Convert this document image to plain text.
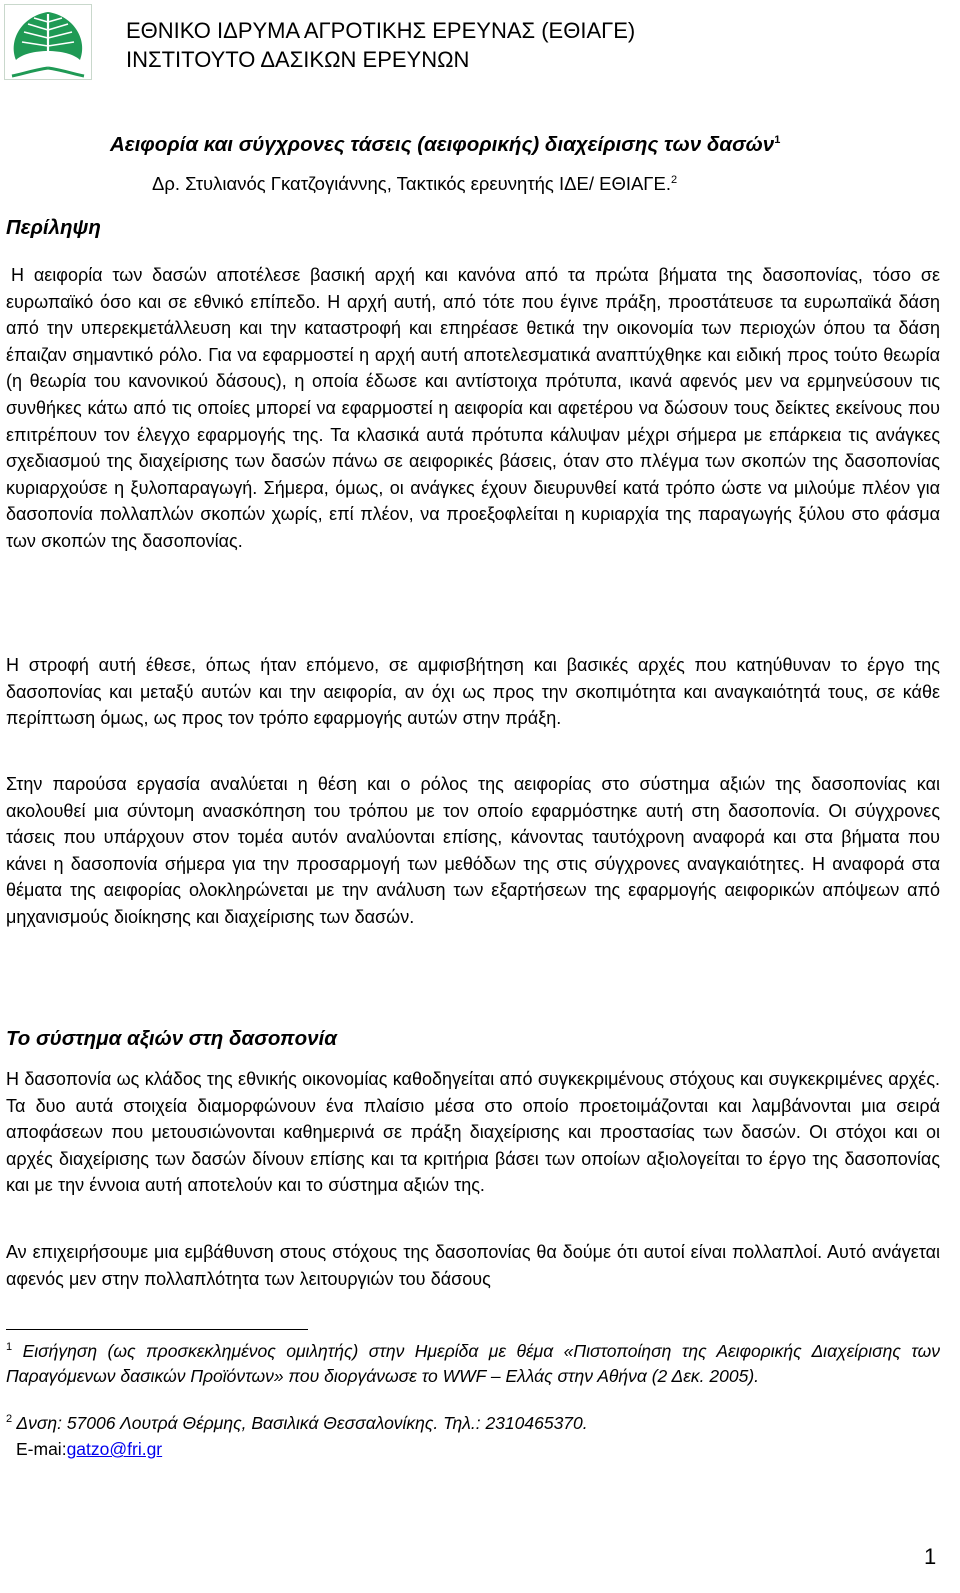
ΕΘΝΙΚΟ ΙΔΡΥΜΑ ΑΓΡΟΤΙΚΗΣ ΕΡΕΥΝΑΣ (ΕΘΙΑΓΕ)
ΙΝΣΤΙΤΟΥΤΟ ΔΑΣΙΚΩΝ ΕΡΕΥΝΩΝ
Αειφορία και σύγχρονες τάσεις (αειφορικής) διαχείρισης των δασών$^1$
Δρ. Στυλιανός Γκατζογιάννης, Τακτικός ερευνητής ΙΔΕ/ ΕΘΙΑΓΕ.$^2$
Περίληψη

Η αειφορία των δασών αποτέλεσε βασική αρχή και κανόνα από τα πρώτα βήματα της δασοπονίας, τόσο σε ευρωπαϊκό όσο και σε εθνικό επίπεδο. Η αρχή αυτή, από τότε που έγινε πράξη, προστάτευσε τα ευρωπαϊκά δάση από την υπερεκμετάλλευση και την καταστροφή και επηρέασε θετικά την οικονομία των περιοχών όπου τα δάση έπαιζαν σημαντικό ρόλο. Για να εφαρμοστεί η αρχή αυτή αποτελεσματικά αναπτύχθηκε και ειδική προς τούτο θεωρία (η θεωρία του κανονικού δάσους), η οποία έδωσε και αντίστοιχα πρότυπα, ικανά αφενός μεν να ερμηνεύσουν τις συνθήκες κάτω από τις οποίες μπορεί να εφαρμοστεί η αειφορία και αφετέρου να δώσουν τους δείκτες εκείνους που επιτρέπουν τον έλεγχο εφαρμογής της. Τα κλασικά αυτά πρότυπα κάλυψαν μέχρι σήμερα με επάρκεια τις ανάγκες σχεδιασμού της διαχείρισης των δασών πάνω σε αειφορικές βάσεις, όταν στο πλέγμα των σκοπών της δασοπονίας κυριαρχούσε η ξυλοπαραγωγή. Σήμερα, όμως, οι ανάγκες έχουν διευρυνθεί κατά τρόπο ώστε να μιλούμε πλέον για δασοπονία πολλαπλών σκοπών χωρίς, επί πλέον, να προεξοφλείται η κυριαρχία της παραγωγής ξύλου στο φάσμα των σκοπών της δασοπονίας.

Η στροφή αυτή έθεσε, όπως ήταν επόμενο, σε αμφισβήτηση και βασικές αρχές που κατηύθυναν το έργο της δασοπονίας και μεταξύ αυτών και την αειφορία, αν όχι ως προς την σκοπιμότητα και αναγκαιότητά τους, σε κάθε περίπτωση όμως, ως προς τον τρόπο εφαρμογής αυτών στην πράξη.

Στην παρούσα εργασία αναλύεται η θέση και ο ρόλος της αειφορίας στο σύστημα αξιών της δασοπονίας και ακολουθεί μια σύντομη ανασκόπηση του τρόπου με τον οποίο εφαρμόστηκε αυτή στη δασοπονία. Οι σύγχρονες τάσεις που υπάρχουν στον τομέα αυτόν αναλύονται επίσης, κάνοντας ταυτόχρονη αναφορά και στα βήματα που κάνει η δασοπονία σήμερα για την προσαρμογή των μεθόδων της στις σύγχρονες αναγκαιότητες. Η αναφορά στα θέματα της αειφορίας ολοκληρώνεται με την ανάλυση των εξαρτήσεων της εφαρμογής αειφορικών απόψεων από μηχανισμούς διοίκησης και διαχείρισης των δασών.

Το σύστημα αξιών στη δασοπονία

Η δασοπονία ως κλάδος της εθνικής οικονομίας καθοδηγείται από συγκεκριμένους στόχους και συγκεκριμένες αρχές. Τα δυο αυτά στοιχεία διαμορφώνουν ένα πλαίσιο μέσα στο οποίο προετοιμάζονται και λαμβάνονται μια σειρά αποφάσεων που μετουσιώνονται καθημερινά σε πράξη διαχείρισης και προστασίας των δασών. Οι στόχοι και οι αρχές διαχείρισης των δασών δίνουν επίσης και τα κριτήρια βάσει των οποίων αξιολογείται το έργο της δασοπονίας και με την έννοια αυτή αποτελούν και το σύστημα αξιών της.

Αν επιχειρήσουμε μια εμβάθυνση στους στόχους της δασοπονίας θα δούμε ότι αυτοί είναι πολλαπλοί. Αυτό ανάγεται αφενός μεν στην πολλαπλότητα των λειτουργιών του δάσους

$^1$ Εισήγηση (ως προσκεκλημένος ομιλητής) στην Ημερίδα με θέμα «Πιστοποίηση της Αειφορικής Διαχείρισης των Παραγόμενων δασικών Προϊόντων» που διοργάνωσε το WWF – Ελλάς στην Αθήνα (2 Δεκ. 2005).
$^2$ Δνση: 57006 Λουτρά Θέρμης, Βασιλικά Θεσσαλονίκης. Τηλ.: 2310465370.
E-mai:gatzo@fri.gr
1
